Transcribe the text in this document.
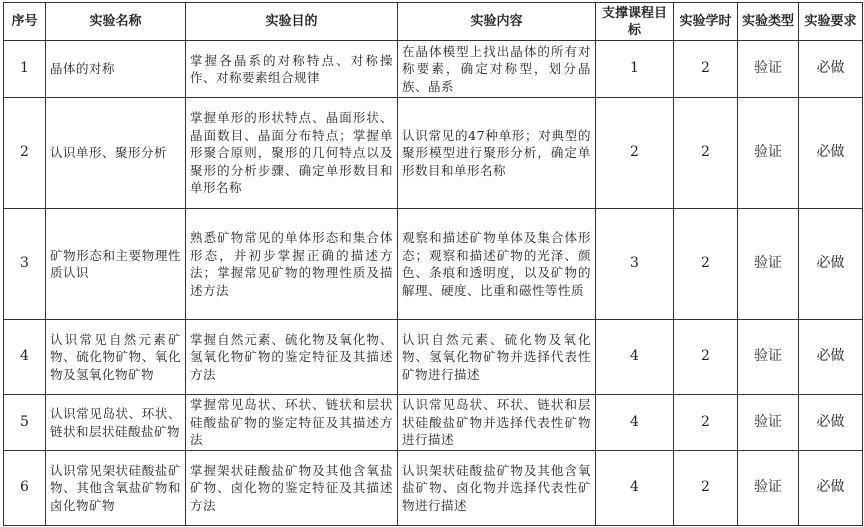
序号	实验名称	实验目的	实验内容	支撑课程目标	实验学时	实验类型	实验要求
1	晶体的对称	掌握各晶系的对称特点、对称操作、对称要素组合规律	在晶体模型上找出晶体的所有对称要素，确定对称型，划分晶族、晶系	1	2	验证	必做
2	认识单形、聚形分析	掌握单形的形状特点、晶面形状、晶面数目、晶面分布特点；掌握单形聚合原则，聚形的几何特点以及聚形的分析步骤、确定单形数目和单形名称	认识常见的47种单形；对典型的聚形模型进行聚形分析，确定单形数目和单形名称	2	2	验证	必做
3	矿物形态和主要物理性质认识	熟悉矿物常见的单体形态和集合体形态，并初步掌握正确的描述方法；掌握常见矿物的物理性质及描述方法	观察和描述矿物单体及集合体形态；观察和描述矿物的光泽、颜色、条痕和透明度，以及矿物的解理、硬度、比重和磁性等性质	3	2	验证	必做
4	认识常见自然元素矿物、硫化物矿物、氧化物及氢氧化物矿物	掌握自然元素、硫化物及氧化物、氢氧化物矿物的鉴定特征及其描述方法	认识自然元素、硫化物及氧化物、氢氧化物矿物并选择代表性矿物进行描述	4	2	验证	必做
5	认识常见岛状、环状、链状和层状硅酸盐矿物	掌握常见岛状、环状、链状和层状硅酸盐矿物的鉴定特征及其描述方法	认识常见岛状、环状、链状和层状硅酸盐矿物并选择代表性矿物进行描述	4	2	验证	必做
6	认识常见架状硅酸盐矿物、其他含氧盐矿物和卤化物矿物	掌握架状硅酸盐矿物及其他含氧盐矿物、卤化物的鉴定特征及其描述方法	认识架状硅酸盐矿物及其他含氧盐矿物、卤化物并选择代表性矿物进行描述	4	2	验证	必做
